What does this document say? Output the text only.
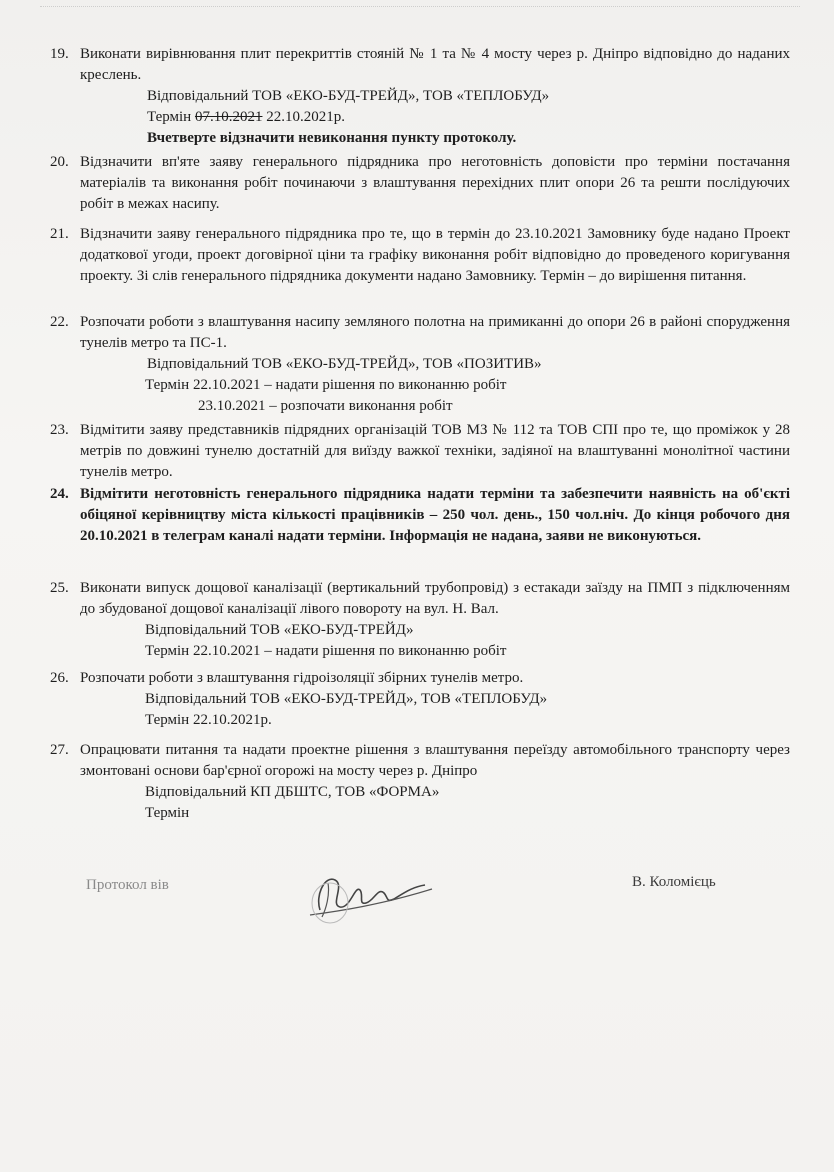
19. Виконати вирівнювання плит перекриттів стояній № 1 та № 4 мосту через р. Дніпро відповідно до наданих креслень.
Відповідальний ТОВ «ЕКО-БУД-ТРЕЙД», ТОВ «ТЕПЛОБУД»
Термін 07.10.2021 22.10.2021р.
Вчетверте відзначити невиконання пункту протоколу.
20. Відзначити вп'яте заяву генерального підрядника про неготовність доповісти про терміни постачання матеріалів та виконання робіт починаючи з влаштування перехідних плит опори 26 та решти послідуючих робіт в межах насипу.
21. Відзначити заяву генерального підрядника про те, що в термін до 23.10.2021 Замовнику буде надано Проект додаткової угоди, проект договірної ціни та графіку виконання робіт відповідно до проведеного коригування проекту. Зі слів генерального підрядника документи надано Замовнику. Термін – до вирішення питання.
22. Розпочати роботи з влаштування насипу земляного полотна на примиканні до опори 26 в районі спорудження тунелів метро та ПС-1.
Відповідальний ТОВ «ЕКО-БУД-ТРЕЙД», ТОВ «ПОЗИТИВ»
Термін 22.10.2021 – надати рішення по виконанню робіт
23.10.2021 – розпочати виконання робіт
23. Відмітити заяву представників підрядних організацій ТОВ МЗ № 112 та ТОВ СПІ про те, що проміжок у 28 метрів по довжині тунелю достатній для виїзду важкої техніки, задіяної на влаштуванні монолітної частини тунелів метро.
24. Відмітити неготовність генерального підрядника надати терміни та забезпечити наявність на об'єкті обіцяної керівництву міста кількості працівників – 250 чол. день., 150 чол.ніч. До кінця робочого дня 20.10.2021 в телеграм каналі надати терміни. Інформація не надана, заяви не виконуються.
25. Виконати випуск дощової каналізації (вертикальний трубопровід) з естакади заїзду на ПМП з підключенням до збудованої дощової каналізації лівого повороту на вул. Н. Вал.
Відповідальний ТОВ «ЕКО-БУД-ТРЕЙД»
Термін 22.10.2021 – надати рішення по виконанню робіт
26. Розпочати роботи з влаштування гідроізоляції збірних тунелів метро.
Відповідальний ТОВ «ЕКО-БУД-ТРЕЙД», ТОВ «ТЕПЛОБУД»
Термін 22.10.2021р.
27. Опрацювати питання та надати проектне рішення з влаштування переїзду автомобільного транспорту через змонтовані основи бар'єрної огорожі на мосту через р. Дніпро
Відповідальний КП ДБШТС, ТОВ «ФОРМА»
Термін
Протокол вів	В. Коломієць
